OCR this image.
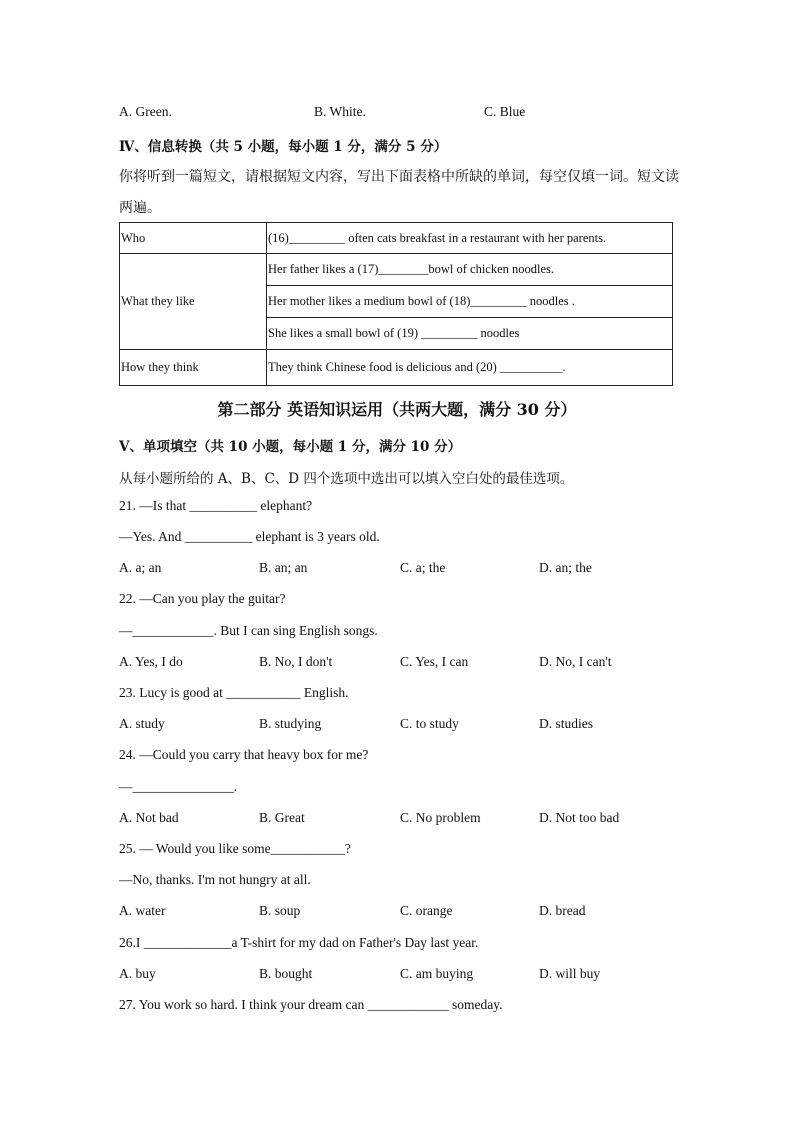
A. Green.	B. White.	C. Blue
Ⅳ、信息转换（共 5 小题，每小题 1 分，满分 5 分）
你将听到一篇短文，请根据短文内容，写出下面表格中所缺的单词，每空仅填一词。短文读
两遍。
Who	(16)_________ often cats breakfast in a restaurant with her parents.
What they like	Her father likes a (17)________bowl of chicken noodles.
	Her mother likes a medium bowl of (18)_________ noodles .
	She likes a small bowl of (19) _________ noodles
How they think	They think Chinese food is delicious and (20) __________.
第二部分 英语知识运用（共两大题，满分 30 分）
Ⅴ、单项填空（共 10 小题，每小题 1 分，满分 10 分）
从每小题所给的 A、B、C、D 四个选项中选出可以填入空白处的最佳选项。
21. —Is that __________ elephant?
—Yes. And __________ elephant is 3 years old.
A. a; an	B. an; an	C. a; the	D. an; the
22. —Can you play the guitar?
—____________. But I can sing English songs.
A. Yes, I do	B. No, I don't	C. Yes, I can	D. No, I can't
23. Lucy is good at ___________ English.
A. study	B. studying	C. to study	D. studies
24. —Could you carry that heavy box for me?
—_______________.
A. Not bad	B. Great	C. No problem	D. Not too bad
25. — Would you like some___________?
—No, thanks. I'm not hungry at all.
A. water	B. soup	C. orange	D. bread
26.I _____________a T-shirt for my dad on Father's Day last year.
A. buy	B. bought	C. am buying	D. will buy
27. You work so hard. I think your dream can ____________ someday.
